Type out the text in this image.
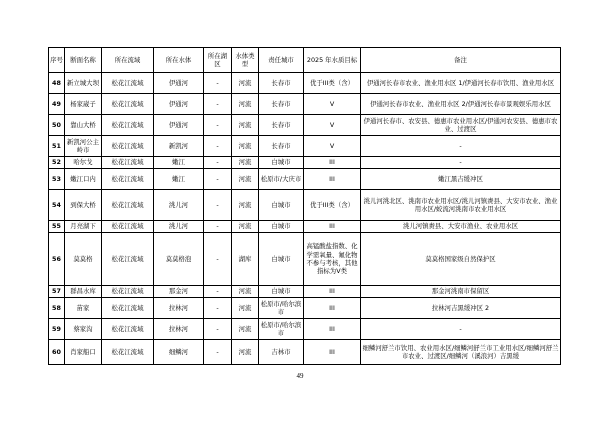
序号	断面名称	所在流域	所在水体	所在湖区	水体类型	责任城市	2025 年水质目标	备注
48	新立城大坝	松花江流域	伊通河	-	河流	长春市	优于III类（含）	伊通河长春市农业、渔业用水区 1/伊通河长春市饮用、渔业用水区
49	杨家崴子	松花江流域	伊通河	-	河流	长春市	V	伊通河长春市农业、渔业用水区 2/伊通河长春市景观娱乐用水区
50	靠山大桥	松花江流域	伊通河	-	河流	长春市	V	伊通河长春市、农安县、德惠市农业用水区/伊通河农安县、德惠市农业、过渡区
51	新凯河公主岭市	松花江流域	新凯河	-	河流	长春市	V	-
52	哈尔戈	松花江流域	嫩江	-	河流	白城市	III	-
53	嫩江口内	松花江流域	嫩江	-	河流	松原市/大庆市	III	嫩江黑吉缓冲区
54	到保大桥	松花江流域	洮儿河	-	河流	白城市	优于III类（含）	洮儿河洮北区、洮南市农业用水区/洮儿河镇赉县、大安市农业、渔业用水区/蛟流河洮南市农业用水区
55	月亮湖下	松花江流域	洮儿河	-	河流	白城市	III	洮儿河镇赉县、大安市渔业、农业用水区
56	莫莫格	松花江流域	莫莫格泡	-	湖库	白城市	高锰酸盐指数、化学需氧量、氟化物不参与考核，其他指标为V类	莫莫格国家级自然保护区
57	群昌水库	松花江流域	那金河	-	河流	白城市	III	那金河洮南市保留区
58	苗家	松花江流域	拉林河	-	河流	松原市/哈尔滨市	III	拉林河吉黑缓冲区 2
59	蔡家沟	松花江流域	拉林河	-	河流	松原市/哈尔滨市	III	-
60	肖家船口	松花江流域	细鳞河	-	河流	吉林市	III	细鳞河舒兰市饮用、农业用水区/细鳞河舒兰市工业用水区/细鳞河舒兰市农业、过渡区/细鳞河（溪浪河）吉黑缓
49
